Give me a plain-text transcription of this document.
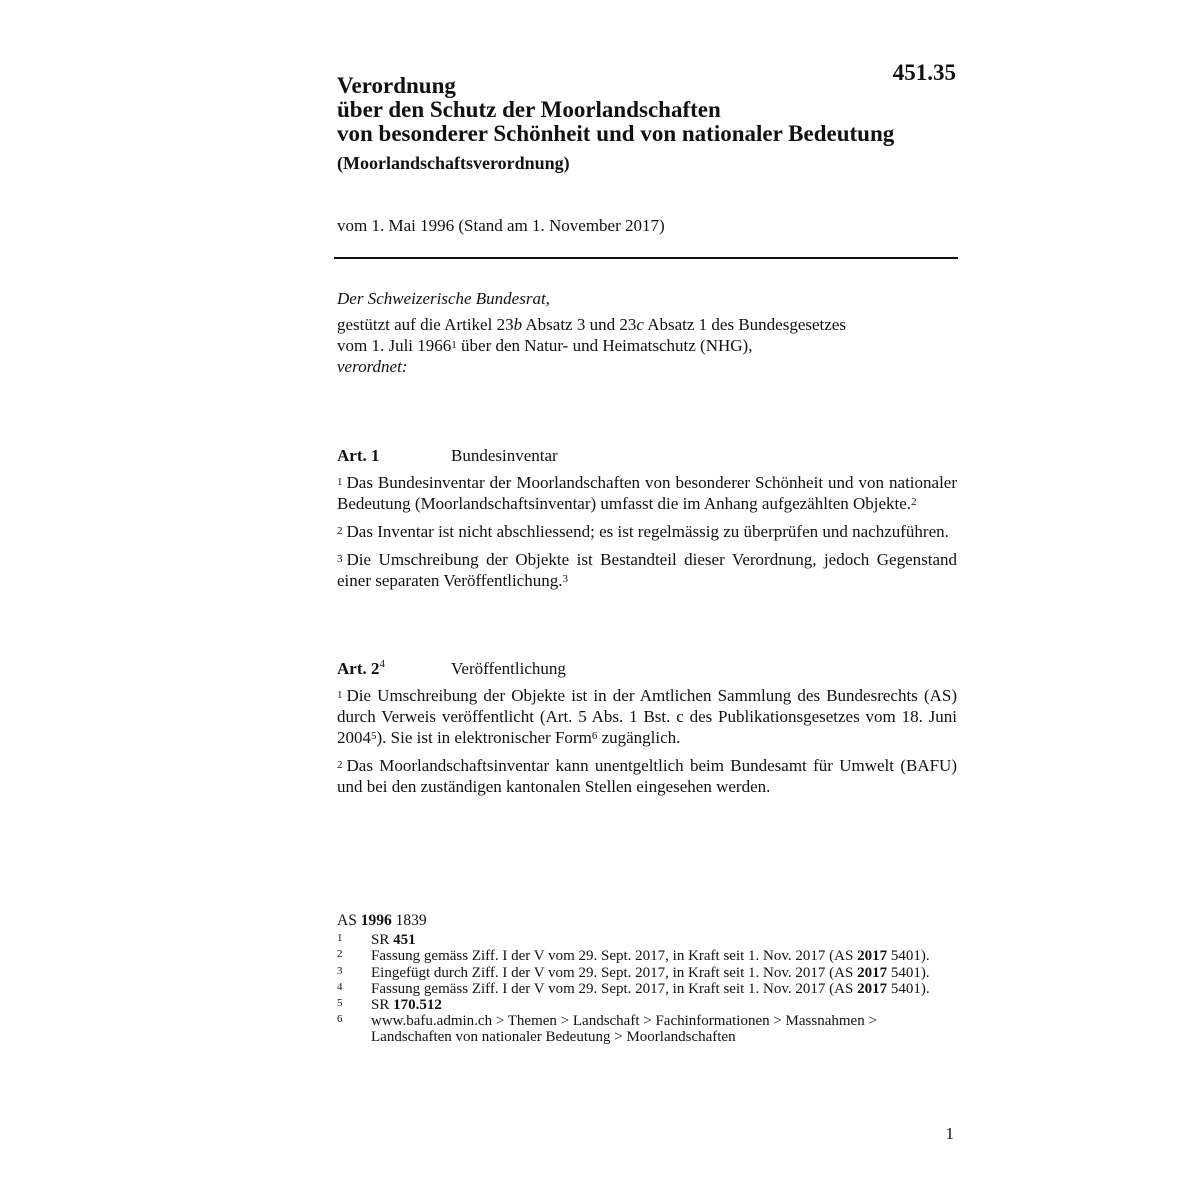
451.35
Verordnung
über den Schutz der Moorlandschaften
von besonderer Schönheit und von nationaler Bedeutung
(Moorlandschaftsverordnung)
vom 1. Mai 1996 (Stand am 1. November 2017)
Der Schweizerische Bundesrat,
gestützt auf die Artikel 23b Absatz 3 und 23c Absatz 1 des Bundesgesetzes
vom 1. Juli 1966$^1$ über den Natur- und Heimatschutz (NHG),
verordnet:
Art. 1	Bundesinventar
$^1$ Das Bundesinventar der Moorlandschaften von besonderer Schönheit und von nationaler Bedeutung (Moorlandschaftsinventar) umfasst die im Anhang aufgezählten Objekte.$^2$
$^2$ Das Inventar ist nicht abschliessend; es ist regelmässig zu überprüfen und nachzuführen.
$^3$ Die Umschreibung der Objekte ist Bestandteil dieser Verordnung, jedoch Gegenstand einer separaten Veröffentlichung.$^3$
Art. $2^4$	Veröffentlichung
$^1$ Die Umschreibung der Objekte ist in der Amtlichen Sammlung des Bundesrechts (AS) durch Verweis veröffentlicht (Art. 5 Abs. 1 Bst. c des Publikationsgesetzes vom 18. Juni 2004$^5$). Sie ist in elektronischer Form$^6$ zugänglich.
$^2$ Das Moorlandschaftsinventar kann unentgeltlich beim Bundesamt für Umwelt (BAFU) und bei den zuständigen kantonalen Stellen eingesehen werden.
AS 1996 1839
1	SR 451
2	Fassung gemäss Ziff. I der V vom 29. Sept. 2017, in Kraft seit 1. Nov. 2017 (AS 2017 5401).
3	Eingefügt durch Ziff. I der V vom 29. Sept. 2017, in Kraft seit 1. Nov. 2017 (AS 2017 5401).
4	Fassung gemäss Ziff. I der V vom 29. Sept. 2017, in Kraft seit 1. Nov. 2017 (AS 2017 5401).
5	SR 170.512
6	www.bafu.admin.ch > Themen > Landschaft > Fachinformationen > Massnahmen > Landschaften von nationaler Bedeutung > Moorlandschaften
1
